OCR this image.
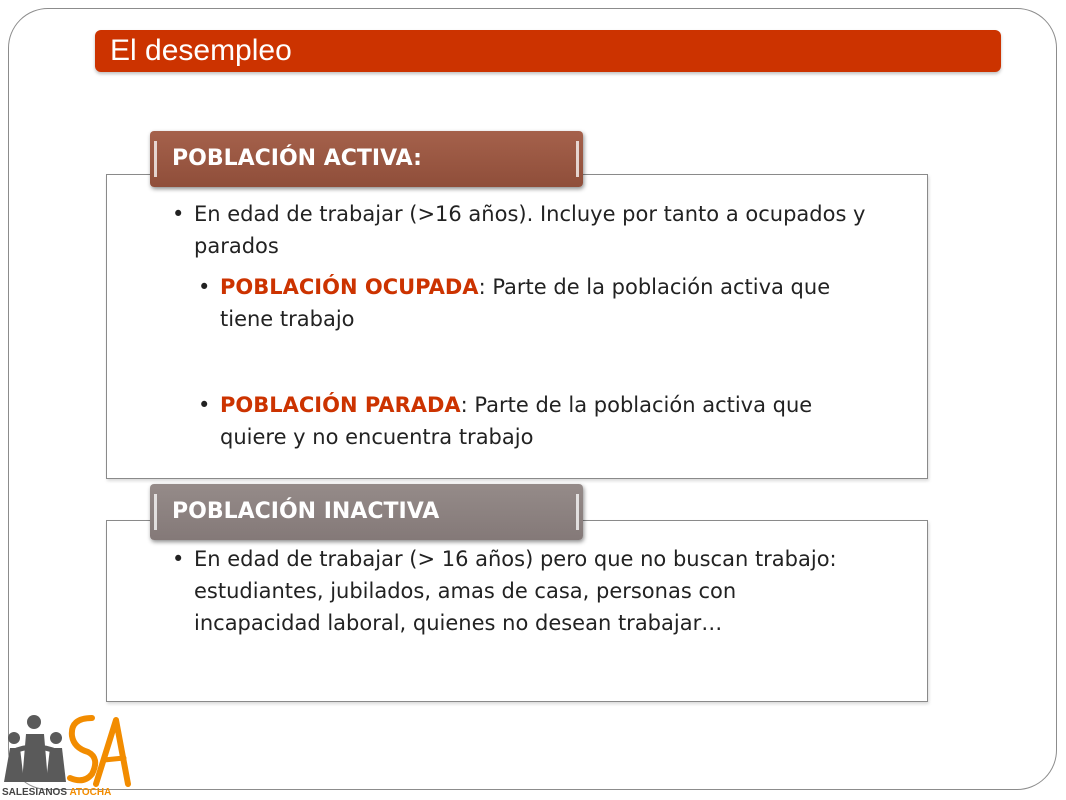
El desempleo
POBLACIÓN ACTIVA:
• En edad de trabajar (>16 años). Incluye por tanto a ocupados y parados
• POBLACIÓN OCUPADA: Parte de la población activa que tiene trabajo
• POBLACIÓN PARADA: Parte de la población activa que quiere y no encuentra trabajo
POBLACIÓN INACTIVA
• En edad de trabajar (> 16 años) pero que no buscan trabajo: estudiantes, jubilados, amas de casa, personas con incapacidad laboral, quienes no desean trabajar…
SALESIANOS ATOCHA
